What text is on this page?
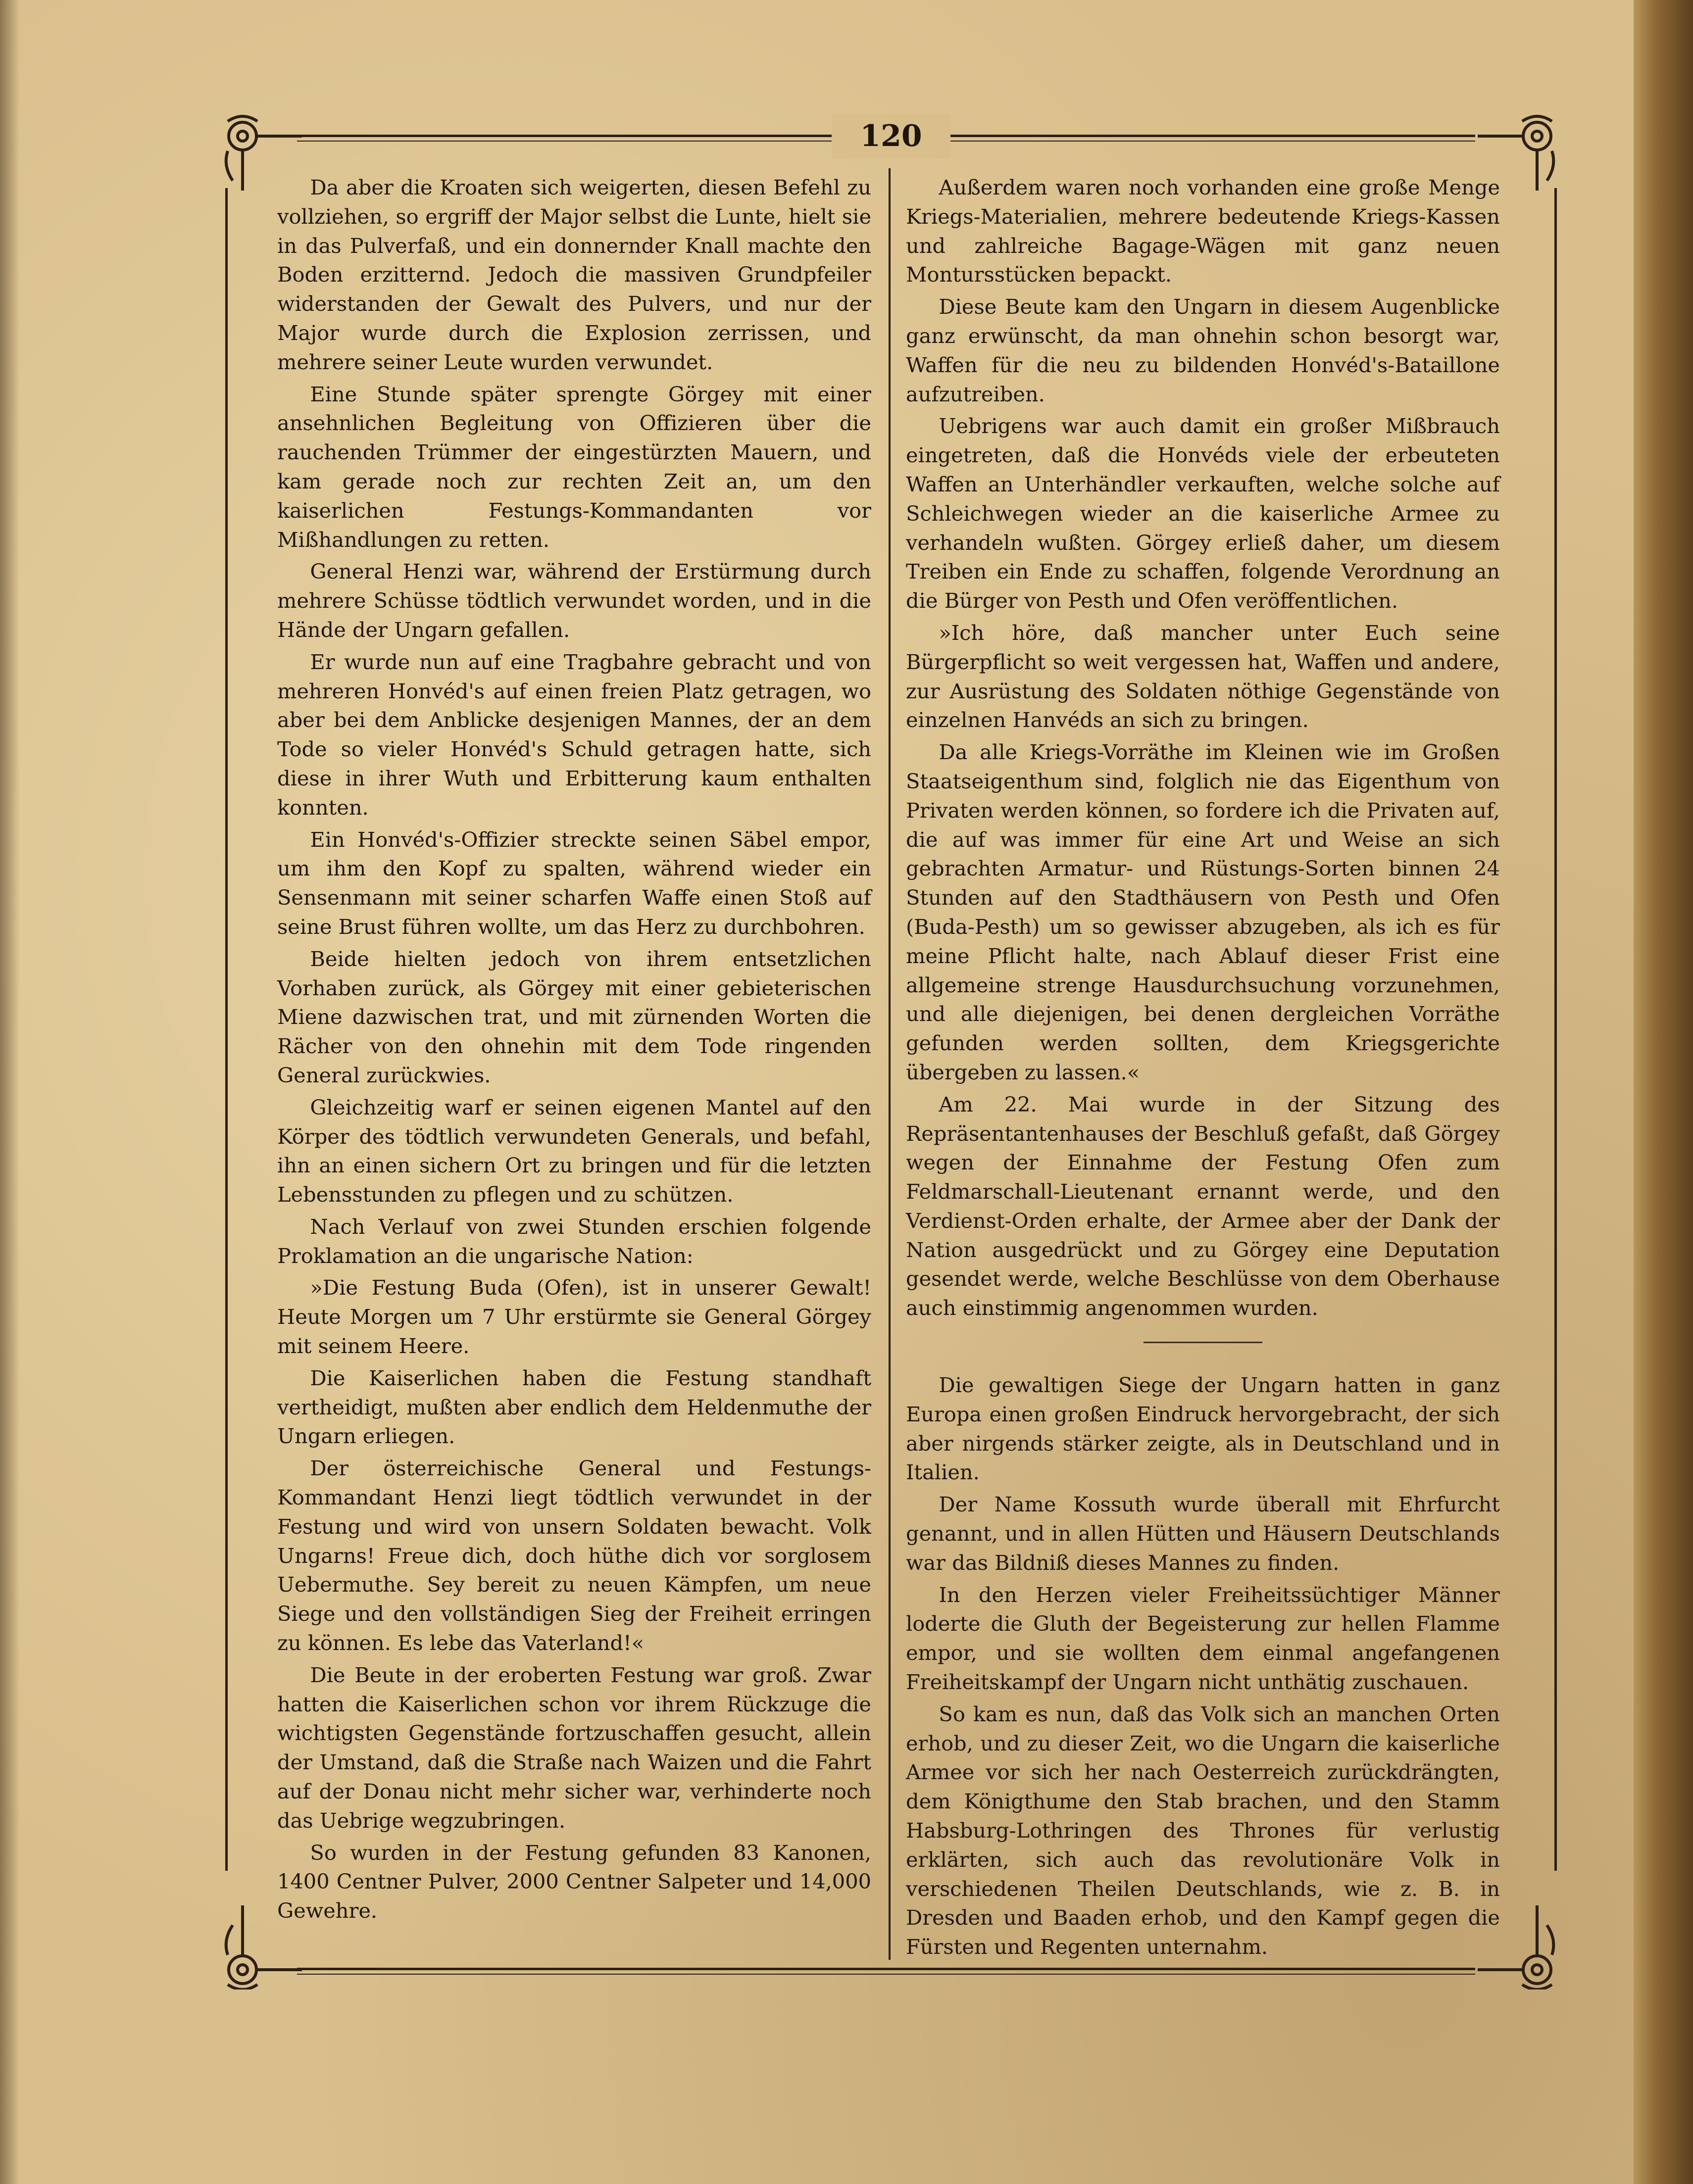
120

Da aber die Kroaten sich weigerten, diesen Befehl zu vollziehen, so ergriff der Major selbst die Lunte, hielt sie in das Pulverfaß, und ein donnernder Knall machte den Boden erzitternd. Jedoch die massiven Grundpfeiler widerstanden der Gewalt des Pulvers, und nur der Major wurde durch die Explosion zerrissen, und mehrere seiner Leute wurden verwundet.

Eine Stunde später sprengte Görgey mit einer ansehnlichen Begleitung von Offizieren über die rauchenden Trümmer der eingestürzten Mauern, und kam gerade noch zur rechten Zeit an, um den kaiserlichen Festungs-Kommandanten vor Mißhandlungen zu retten.

General Henzi war, während der Erstürmung durch mehrere Schüsse tödtlich verwundet worden, und in die Hände der Ungarn gefallen.

Er wurde nun auf eine Tragbahre gebracht und von mehreren Honvéd's auf einen freien Platz getragen, wo aber bei dem Anblicke desjenigen Mannes, der an dem Tode so vieler Honvéd's Schuld getragen hatte, sich diese in ihrer Wuth und Erbitterung kaum enthalten konnten.

Ein Honvéd's-Offizier streckte seinen Säbel empor, um ihm den Kopf zu spalten, während wieder ein Sensenmann mit seiner scharfen Waffe einen Stoß auf seine Brust führen wollte, um das Herz zu durchbohren.

Beide hielten jedoch von ihrem entsetzlichen Vorhaben zurück, als Görgey mit einer gebieterischen Miene dazwischen trat, und mit zürnenden Worten die Rächer von den ohnehin mit dem Tode ringenden General zurückwies.

Gleichzeitig warf er seinen eigenen Mantel auf den Körper des tödtlich verwundeten Generals, und befahl, ihn an einen sichern Ort zu bringen und für die letzten Lebensstunden zu pflegen und zu schützen.

Nach Verlauf von zwei Stunden erschien folgende Proklamation an die ungarische Nation:

»Die Festung Buda (Ofen), ist in unserer Gewalt! Heute Morgen um 7 Uhr erstürmte sie General Görgey mit seinem Heere.

Die Kaiserlichen haben die Festung standhaft vertheidigt, mußten aber endlich dem Heldenmuthe der Ungarn erliegen.

Der österreichische General und Festungs-Kommandant Henzi liegt tödtlich verwundet in der Festung und wird von unsern Soldaten bewacht. Volk Ungarns! Freue dich, doch hüthe dich vor sorglosem Uebermuthe. Sey bereit zu neuen Kämpfen, um neue Siege und den vollständigen Sieg der Freiheit erringen zu können. Es lebe das Vaterland!«

Die Beute in der eroberten Festung war groß. Zwar hatten die Kaiserlichen schon vor ihrem Rückzuge die wichtigsten Gegenstände fortzuschaffen gesucht, allein der Umstand, daß die Straße nach Waizen und die Fahrt auf der Donau nicht mehr sicher war, verhinderte noch das Uebrige wegzubringen.

So wurden in der Festung gefunden 83 Kanonen, 1400 Centner Pulver, 2000 Centner Salpeter und 14,000 Gewehre.

Außerdem waren noch vorhanden eine große Menge Kriegs-Materialien, mehrere bedeutende Kriegs-Kassen und zahlreiche Bagage-Wägen mit ganz neuen Montursstücken bepackt.

Diese Beute kam den Ungarn in diesem Augenblicke ganz erwünscht, da man ohnehin schon besorgt war, Waffen für die neu zu bildenden Honvéd's-Bataillone aufzutreiben.

Uebrigens war auch damit ein großer Mißbrauch eingetreten, daß die Honvéds viele der erbeuteten Waffen an Unterhändler verkauften, welche solche auf Schleichwegen wieder an die kaiserliche Armee zu verhandeln wußten. Görgey erließ daher, um diesem Treiben ein Ende zu schaffen, folgende Verordnung an die Bürger von Pesth und Ofen veröffentlichen.

»Ich höre, daß mancher unter Euch seine Bürgerpflicht so weit vergessen hat, Waffen und andere, zur Ausrüstung des Soldaten nöthige Gegenstände von einzelnen Hanvéds an sich zu bringen.

Da alle Kriegs-Vorräthe im Kleinen wie im Großen Staatseigenthum sind, folglich nie das Eigenthum von Privaten werden können, so fordere ich die Privaten auf, die auf was immer für eine Art und Weise an sich gebrachten Armatur- und Rüstungs-Sorten binnen 24 Stunden auf den Stadthäusern von Pesth und Ofen (Buda-Pesth) um so gewisser abzugeben, als ich es für meine Pflicht halte, nach Ablauf dieser Frist eine allgemeine strenge Hausdurchsuchung vorzunehmen, und alle diejenigen, bei denen dergleichen Vorräthe gefunden werden sollten, dem Kriegsgerichte übergeben zu lassen.«

Am 22. Mai wurde in der Sitzung des Repräsentantenhauses der Beschluß gefaßt, daß Görgey wegen der Einnahme der Festung Ofen zum Feldmarschall-Lieutenant ernannt werde, und den Verdienst-Orden erhalte, der Armee aber der Dank der Nation ausgedrückt und zu Görgey eine Deputation gesendet werde, welche Beschlüsse von dem Oberhause auch einstimmig angenommen wurden.

Die gewaltigen Siege der Ungarn hatten in ganz Europa einen großen Eindruck hervorgebracht, der sich aber nirgends stärker zeigte, als in Deutschland und in Italien.

Der Name Kossuth wurde überall mit Ehrfurcht genannt, und in allen Hütten und Häusern Deutschlands war das Bildniß dieses Mannes zu finden.

In den Herzen vieler Freiheitssüchtiger Männer loderte die Gluth der Begeisterung zur hellen Flamme empor, und sie wollten dem einmal angefangenen Freiheitskampf der Ungarn nicht unthätig zuschauen.

So kam es nun, daß das Volk sich an manchen Orten erhob, und zu dieser Zeit, wo die Ungarn die kaiserliche Armee vor sich her nach Oesterreich zurückdrängten, dem Königthume den Stab brachen, und den Stamm Habsburg-Lothringen des Thrones für verlustig erklärten, sich auch das revolutionäre Volk in verschiedenen Theilen Deutschlands, wie z. B. in Dresden und Baaden erhob, und den Kampf gegen die Fürsten und Regenten unternahm.
